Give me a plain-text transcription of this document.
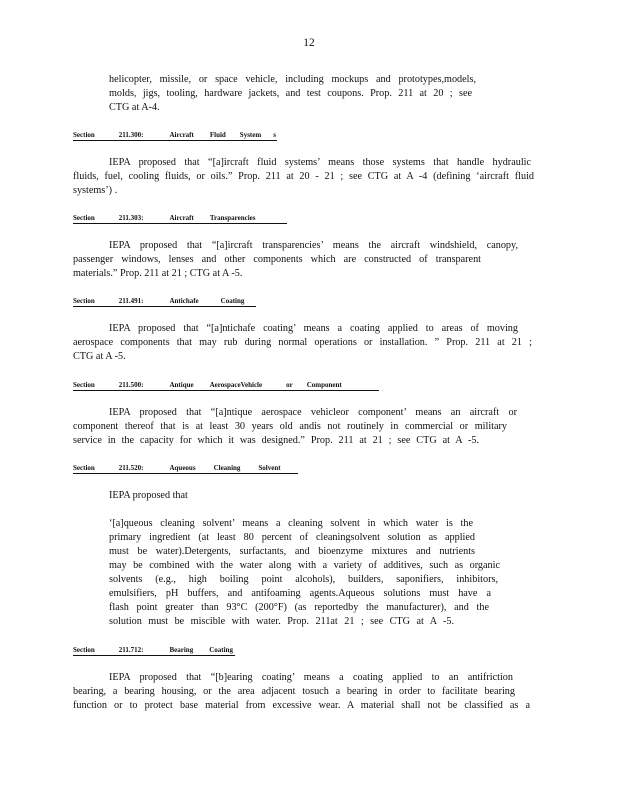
12
helicopter, missile, or space vehicle, including mockups and prototypes,models,
molds, jigs, tooling, hardware jackets, and test coupons. Prop. 211 at 20 ; see
CTG at A-4.
Section	211.300:	Aircraft Fluid System s
IEPA proposed that “[a]ircraft fluid systems’ means those systems that handle hydraulic
fluids, fuel, cooling fluids, or oils.” Prop. 211 at 20 - 21 ; see CTG at A -4 (defining ‘aircraft fluid
systems’) .
Section	211.303:	Aircraft Transparencies
IEPA proposed that “[a]ircraft transparencies’ means the aircraft windshield, canopy,
passenger windows, lenses and other components which are constructed of transparent
materials.” Prop. 211 at 21 ; CTG at A -5.
Section	211.491:	Antichafe	Coating
IEPA proposed that “[a]ntichafe coating’ means a coating applied to areas of moving
aerospace components that may rub during normal operations or installation. ” Prop. 211 at 21 ;
CTG at A -5.
Section	211.500:	Antique AerospaceVehicle	or Component
IEPA proposed that “[a]ntique aerospace vehicleor component’ means an aircraft or
component thereof that is at least 30 years old andis not routinely in commercial or military
service in the capacity for which it was designed.” Prop. 211 at 21 ; see CTG at A -5.
Section	211.520:	Aqueous	Cleaning	Solvent
IEPA proposed that
‘[a]queous cleaning solvent’ means a cleaning solvent in which water is the
primary ingredient (at least 80 percent of cleaningsolvent solution as applied
must be water).Detergents, surfactants, and bioenzyme mixtures and nutrients
may be combined with the water along with a variety of additives, such as organic
solvents (e.g., high boiling point alcohols), builders, saponifiers, inhibitors,
emulsifiers, pH buffers, and antifoaming agents.Aqueous solutions must have a
flash point greater than 93°C (200°F) (as reportedby the manufacturer), and the
solution must be miscible with water. Prop. 211at 21 ; see CTG at A -5.
Section	211.712:	Bearing Coating
IEPA proposed that “[b]earing coating’ means a coating applied to an antifriction
bearing, a bearing housing, or the area adjacent tosuch a bearing in order to facilitate bearing
function or to protect base material from excessive wear. A material shall not be classified as a
